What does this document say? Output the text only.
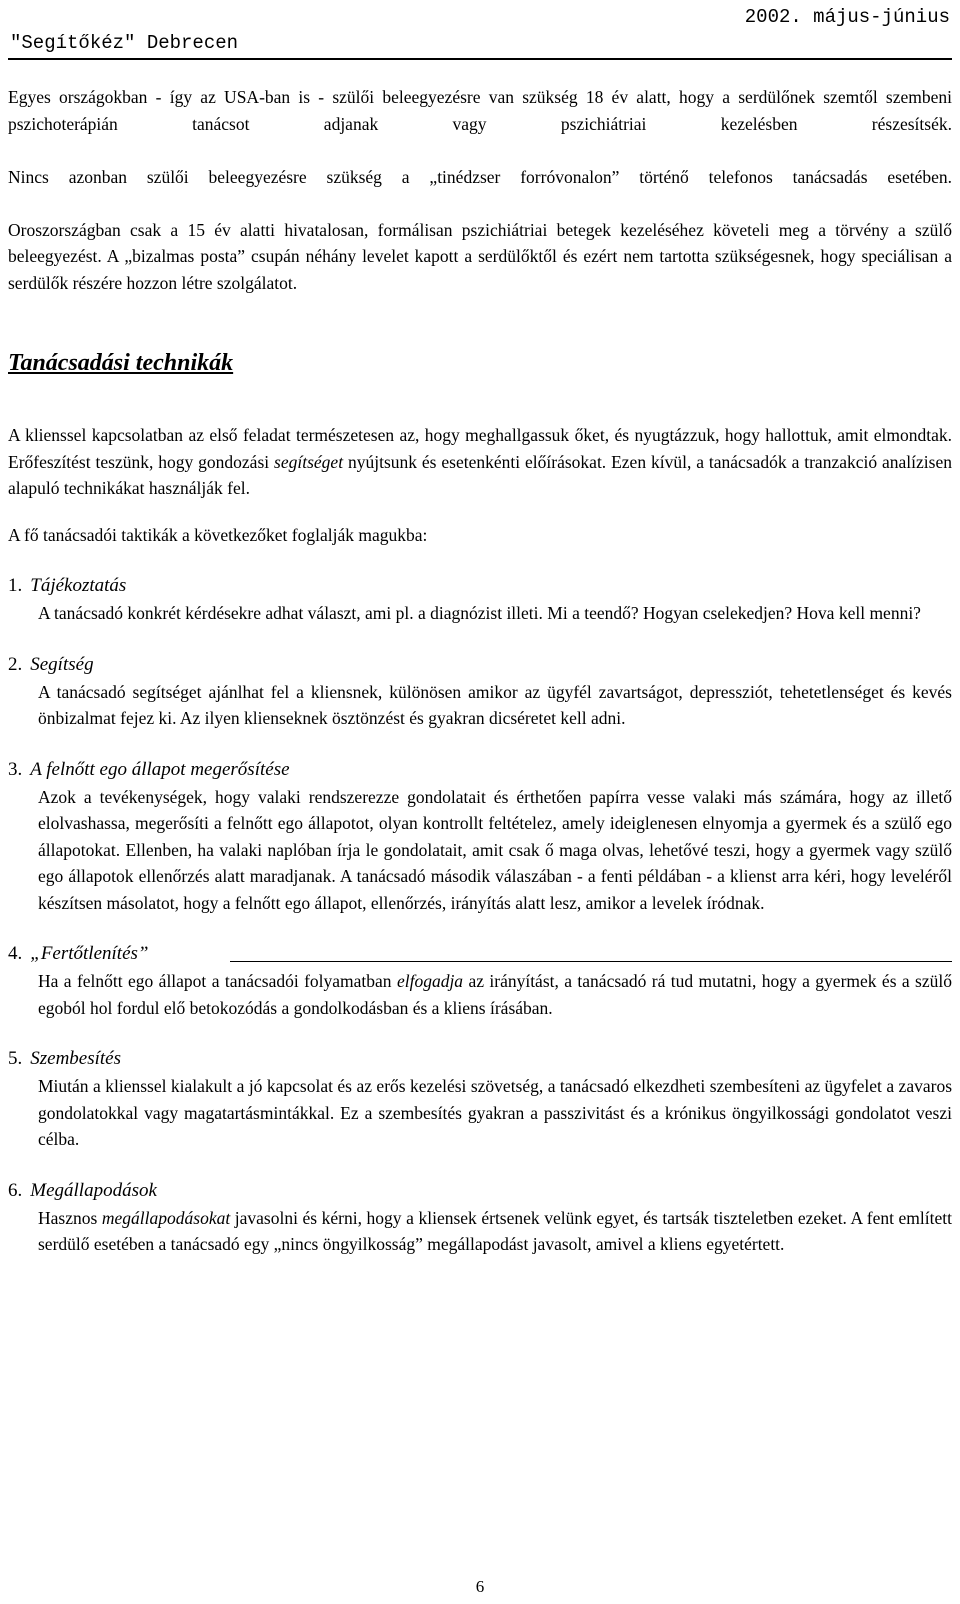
"Segítőkéz" Debrecen
2002. május-június

Egyes országokban - így az USA-ban is - szülői beleegyezésre van szükség 18 év alatt, hogy a serdülőnek szemtől szembeni pszichoterápián tanácsot adjanak vagy pszichiátriai kezelésben részesítsék.

Nincs azonban szülői beleegyezésre szükség a „tinédzser forróvonalon” történő telefonos tanácsadás esetében.

Oroszországban csak a 15 év alatti hivatalosan, formálisan pszichiátriai betegek kezeléséhez követeli meg a törvény a szülő beleegyezést. A „bizalmas posta” csupán néhány levelet kapott a serdülőktől és ezért nem tartotta szükségesnek, hogy speciálisan a serdülők részére hozzon létre szolgálatot.

Tanácsadási technikák

A klienssel kapcsolatban az első feladat természetesen az, hogy meghallgassuk őket, és nyugtázzuk, hogy hallottuk, amit elmondtak. Erőfeszítést teszünk, hogy gondozási segítséget nyújtsunk és esetenkénti előírásokat. Ezen kívül, a tanácsadók a tranzakció analízisen alapuló technikákat használják fel.

A fő tanácsadói taktikák a következőket foglalják magukba:

1. Tájékoztatás

A tanácsadó konkrét kérdésekre adhat választ, ami pl. a diagnózist illeti. Mi a teendő? Hogyan cselekedjen? Hova kell menni?

2. Segítség

A tanácsadó segítséget ajánlhat fel a kliensnek, különösen amikor az ügyfél zavartságot, depressziót, tehetetlenséget és kevés önbizalmat fejez ki. Az ilyen klienseknek ösztönzést és gyakran dicséretet kell adni.

3. A felnőtt ego állapot megerősítése

Azok a tevékenységek, hogy valaki rendszerezze gondolatait és érthetően papírra vesse valaki más számára, hogy az illető elolvashassa, megerősíti a felnőtt ego állapotot, olyan kontrollt feltételez, amely ideiglenesen elnyomja a gyermek és a szülő ego állapotokat. Ellenben, ha valaki naplóban írja le gondolatait, amit csak ő maga olvas, lehetővé teszi, hogy a gyermek vagy szülő ego állapotok ellenőrzés alatt maradjanak. A tanácsadó második válaszában - a fenti példában - a klienst arra kéri, hogy leveléről készítsen másolatot, hogy a felnőtt ego állapot, ellenőrzés, irányítás alatt lesz, amikor a levelek íródnak.

4. „Fertőtlenítés”

Ha a felnőtt ego állapot a tanácsadói folyamatban elfogadja az irányítást, a tanácsadó rá tud mutatni, hogy a gyermek és a szülő egoból hol fordul elő betokozódás a gondolkodásban és a kliens írásában.

5. Szembesítés

Miután a klienssel kialakult a jó kapcsolat és az erős kezelési szövetség, a tanácsadó elkezdheti szembesíteni az ügyfelet a zavaros gondolatokkal vagy magatartásmintákkal. Ez a szembesítés gyakran a passzivitást és a krónikus öngyilkossági gondolatot veszi célba.

6. Megállapodások

Hasznos megállapodásokat javasolni és kérni, hogy a kliensek értsenek velünk egyet, és tartsák tiszteletben ezeket. A fent említett serdülő esetében a tanácsadó egy „nincs öngyilkosság” megállapodást javasolt, amivel a kliens egyetértett.

6
